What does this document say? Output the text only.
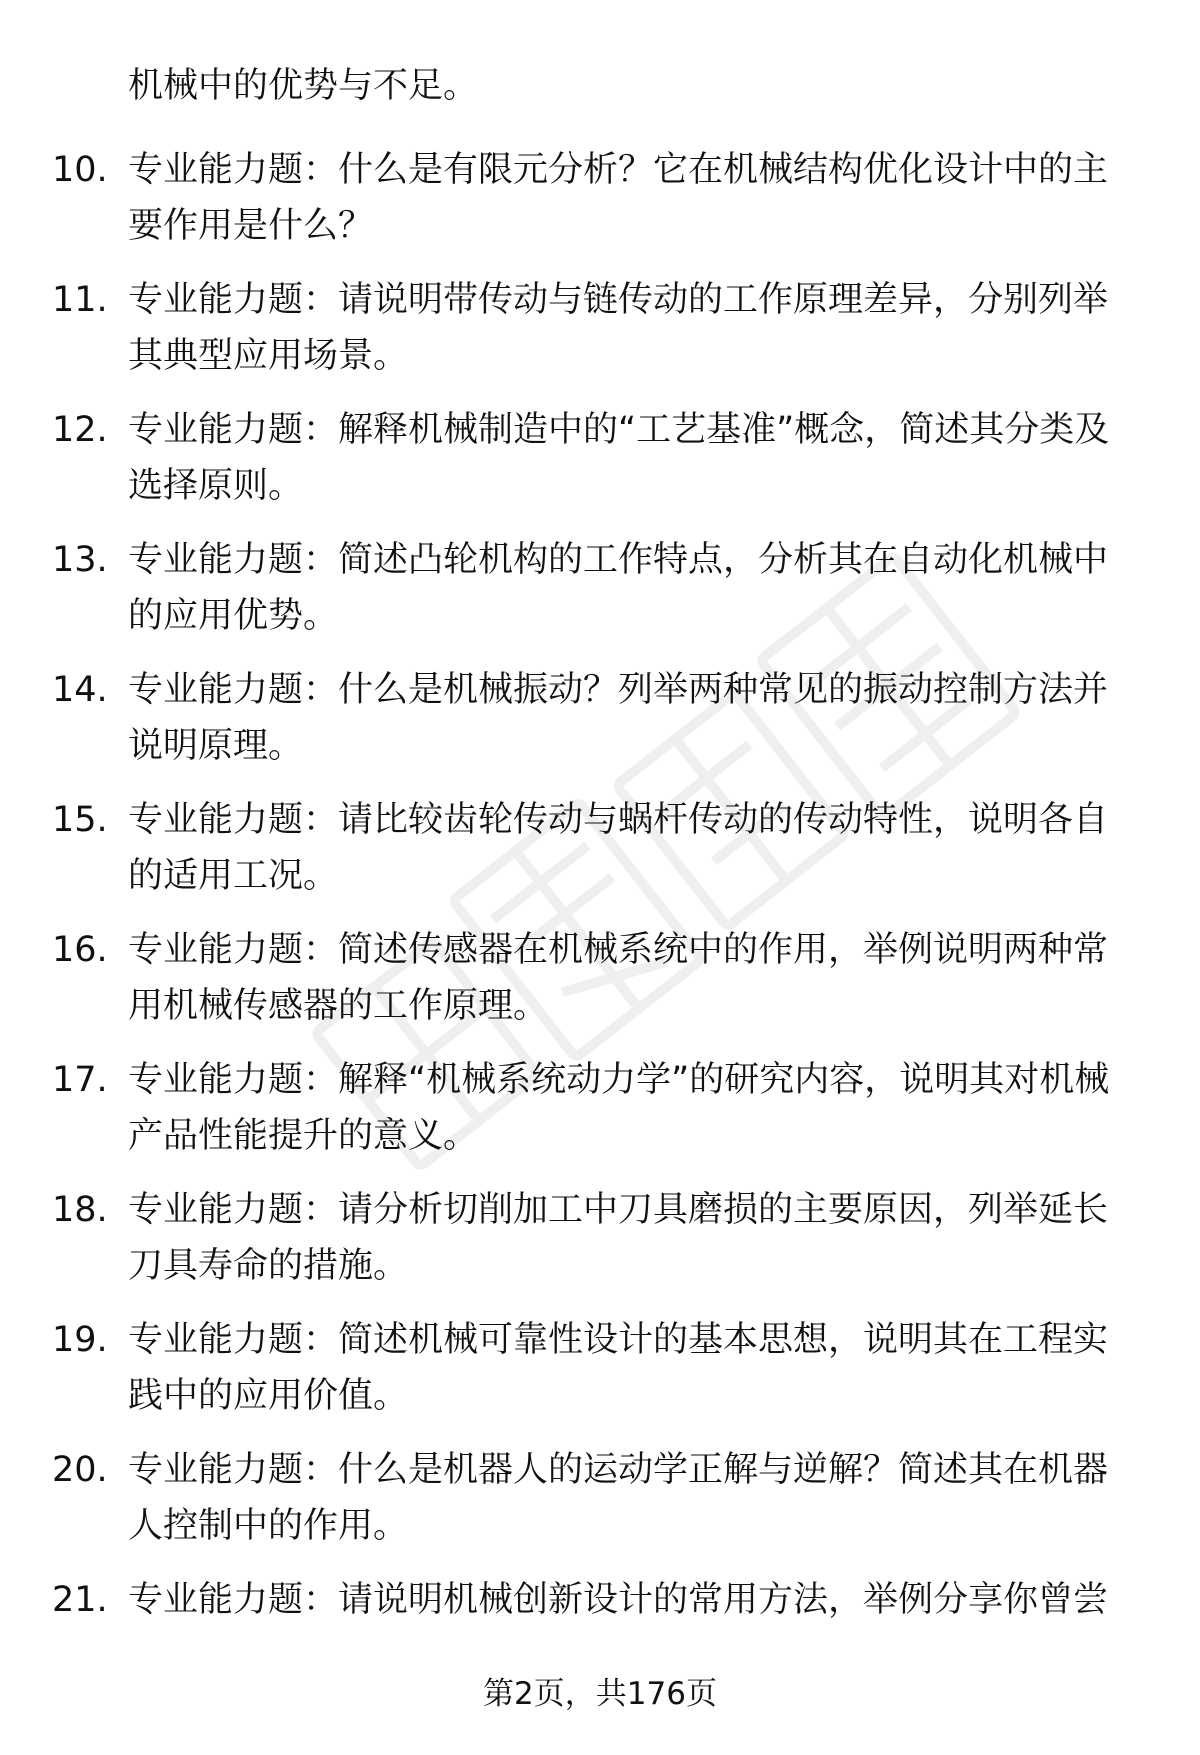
机械中的优势与不足。

10. 专业能力题：什么是有限元分析？它在机械结构优化设计中的主要作用是什么？

11. 专业能力题：请说明带传动与链传动的工作原理差异，分别列举其典型应用场景。

12. 专业能力题：解释机械制造中的“工艺基准”概念，简述其分类及选择原则。

13. 专业能力题：简述凸轮机构的工作特点，分析其在自动化机械中的应用优势。

14. 专业能力题：什么是机械振动？列举两种常见的振动控制方法并说明原理。

15. 专业能力题：请比较齿轮传动与蜗杆传动的传动特性，说明各自的适用工况。

16. 专业能力题：简述传感器在机械系统中的作用，举例说明两种常用机械传感器的工作原理。

17. 专业能力题：解释“机械系统动力学”的研究内容，说明其对机械产品性能提升的意义。

18. 专业能力题：请分析切削加工中刀具磨损的主要原因，列举延长刀具寿命的措施。

19. 专业能力题：简述机械可靠性设计的基本思想，说明其在工程实践中的应用价值。

20. 专业能力题：什么是机器人的运动学正解与逆解？简述其在机器人控制中的作用。

21. 专业能力题：请说明机械创新设计的常用方法，举例分享你曾尝

第2页，共176页
